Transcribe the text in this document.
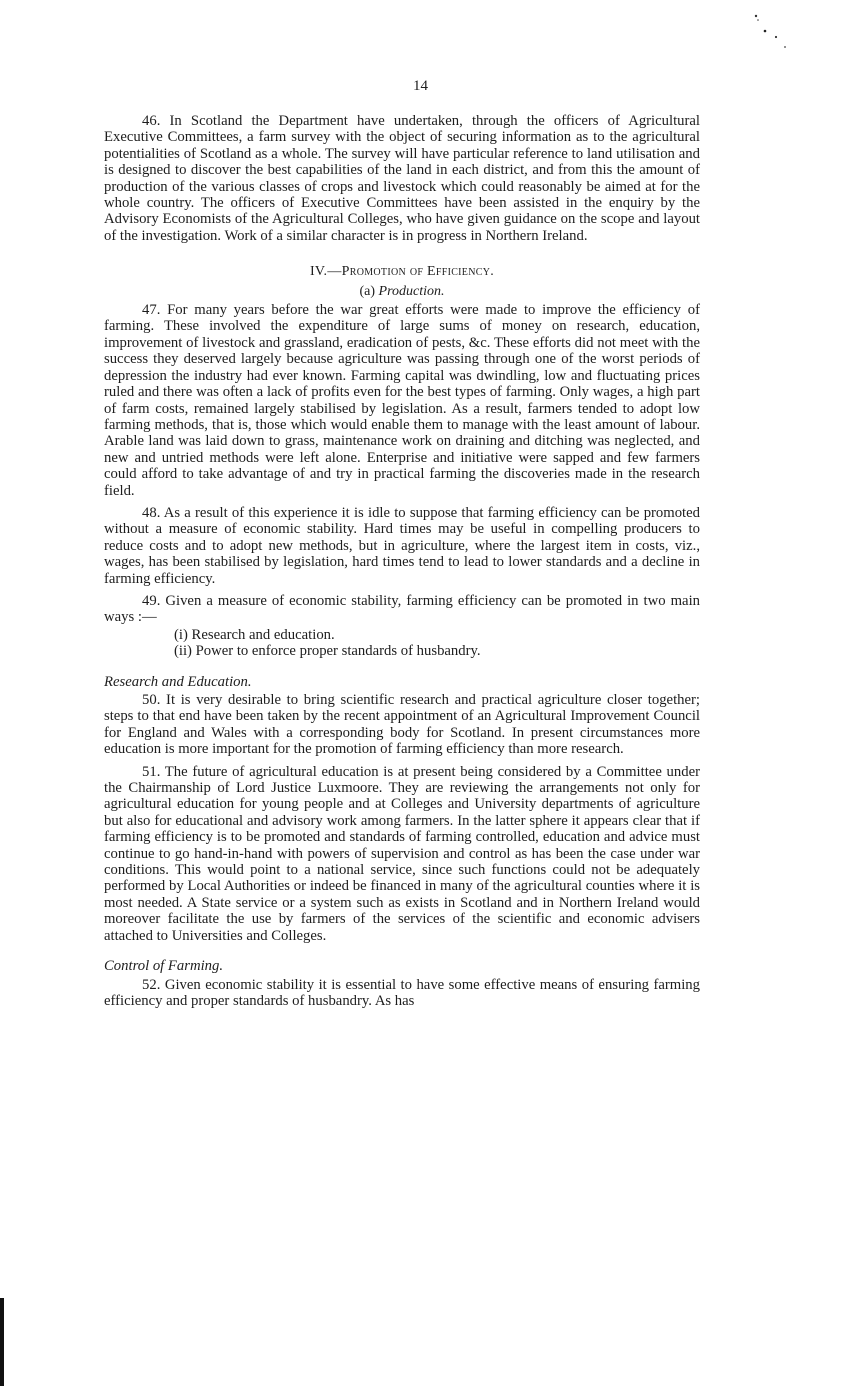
14

46. In Scotland the Department have undertaken, through the officers of Agricultural Executive Committees, a farm survey with the object of securing information as to the agricultural potentialities of Scotland as a whole. The survey will have particular reference to land utilisation and is designed to discover the best capabilities of the land in each district, and from this the amount of production of the various classes of crops and livestock which could reasonably be aimed at for the whole country. The officers of Executive Committees have been assisted in the enquiry by the Advisory Economists of the Agricultural Colleges, who have given guidance on the scope and layout of the investigation. Work of a similar character is in progress in Northern Ireland.

IV.—Promotion of Efficiency.
(a) Production.

47. For many years before the war great efforts were made to improve the efficiency of farming. These involved the expenditure of large sums of money on research, education, improvement of livestock and grassland, eradication of pests, &c. These efforts did not meet with the success they deserved largely because agriculture was passing through one of the worst periods of depression the industry had ever known. Farming capital was dwindling, low and fluctuating prices ruled and there was often a lack of profits even for the best types of farming. Only wages, a high part of farm costs, remained largely stabilised by legislation. As a result, farmers tended to adopt low farming methods, that is, those which would enable them to manage with the least amount of labour. Arable land was laid down to grass, maintenance work on draining and ditching was neglected, and new and untried methods were left alone. Enterprise and initiative were sapped and few farmers could afford to take advantage of and try in practical farming the discoveries made in the research field.

48. As a result of this experience it is idle to suppose that farming efficiency can be promoted without a measure of economic stability. Hard times may be useful in compelling producers to reduce costs and to adopt new methods, but in agriculture, where the largest item in costs, viz., wages, has been stabilised by legislation, hard times tend to lead to lower standards and a decline in farming efficiency.

49. Given a measure of economic stability, farming efficiency can be promoted in two main ways :—

(i) Research and education.
(ii) Power to enforce proper standards of husbandry.
Research and Education.

50. It is very desirable to bring scientific research and practical agriculture closer together; steps to that end have been taken by the recent appointment of an Agricultural Improvement Council for England and Wales with a corresponding body for Scotland. In present circumstances more education is more important for the promotion of farming efficiency than more research.

51. The future of agricultural education is at present being considered by a Committee under the Chairmanship of Lord Justice Luxmoore. They are reviewing the arrangements not only for agricultural education for young people and at Colleges and University departments of agriculture but also for educational and advisory work among farmers. In the latter sphere it appears clear that if farming efficiency is to be promoted and standards of farming controlled, education and advice must continue to go hand-in-hand with powers of supervision and control as has been the case under war conditions. This would point to a national service, since such functions could not be adequately performed by Local Authorities or indeed be financed in many of the agricultural counties where it is most needed. A State service or a system such as exists in Scotland and in Northern Ireland would moreover facilitate the use by farmers of the services of the scientific and economic advisers attached to Universities and Colleges.

Control of Farming.

52. Given economic stability it is essential to have some effective means of ensuring farming efficiency and proper standards of husbandry. As has
